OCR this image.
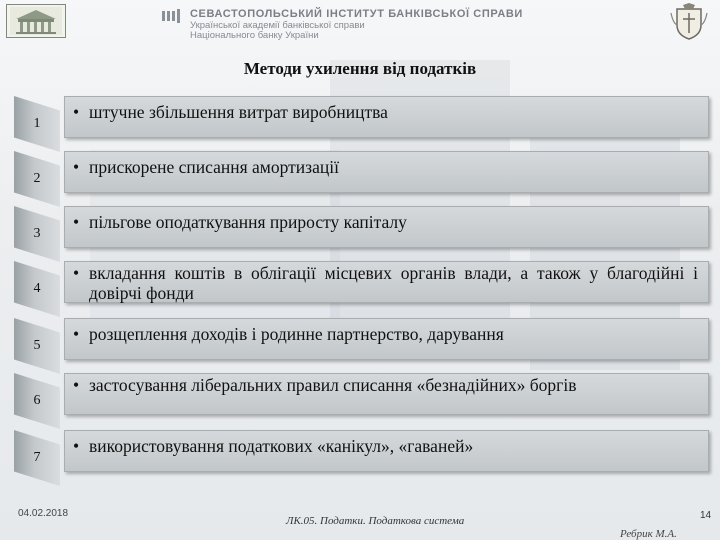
СЕВАСТОПОЛЬСЬКИЙ ІНСТИТУТ БАНКІВСЬКОЇ СПРАВИ
Української академії банківської справи
Національного банку України
Методи ухилення від податків
1
• штучне збільшення витрат виробництва
2
• прискорене списання амортизації
3
• пільгове оподаткування приросту капіталу
4
• вкладання коштів в облігації місцевих органів влади, а також у благодійні і довірчі фонди
5
• розщеплення доходів і родинне партнерство, дарування
6
• застосування ліберальних правил списання «безнадійних» боргів
7
• використовування податкових «канікул», «гаваней»
04.02.2018
ЛК.05. Податки. Податкова система	14
Ребрик М.А.
